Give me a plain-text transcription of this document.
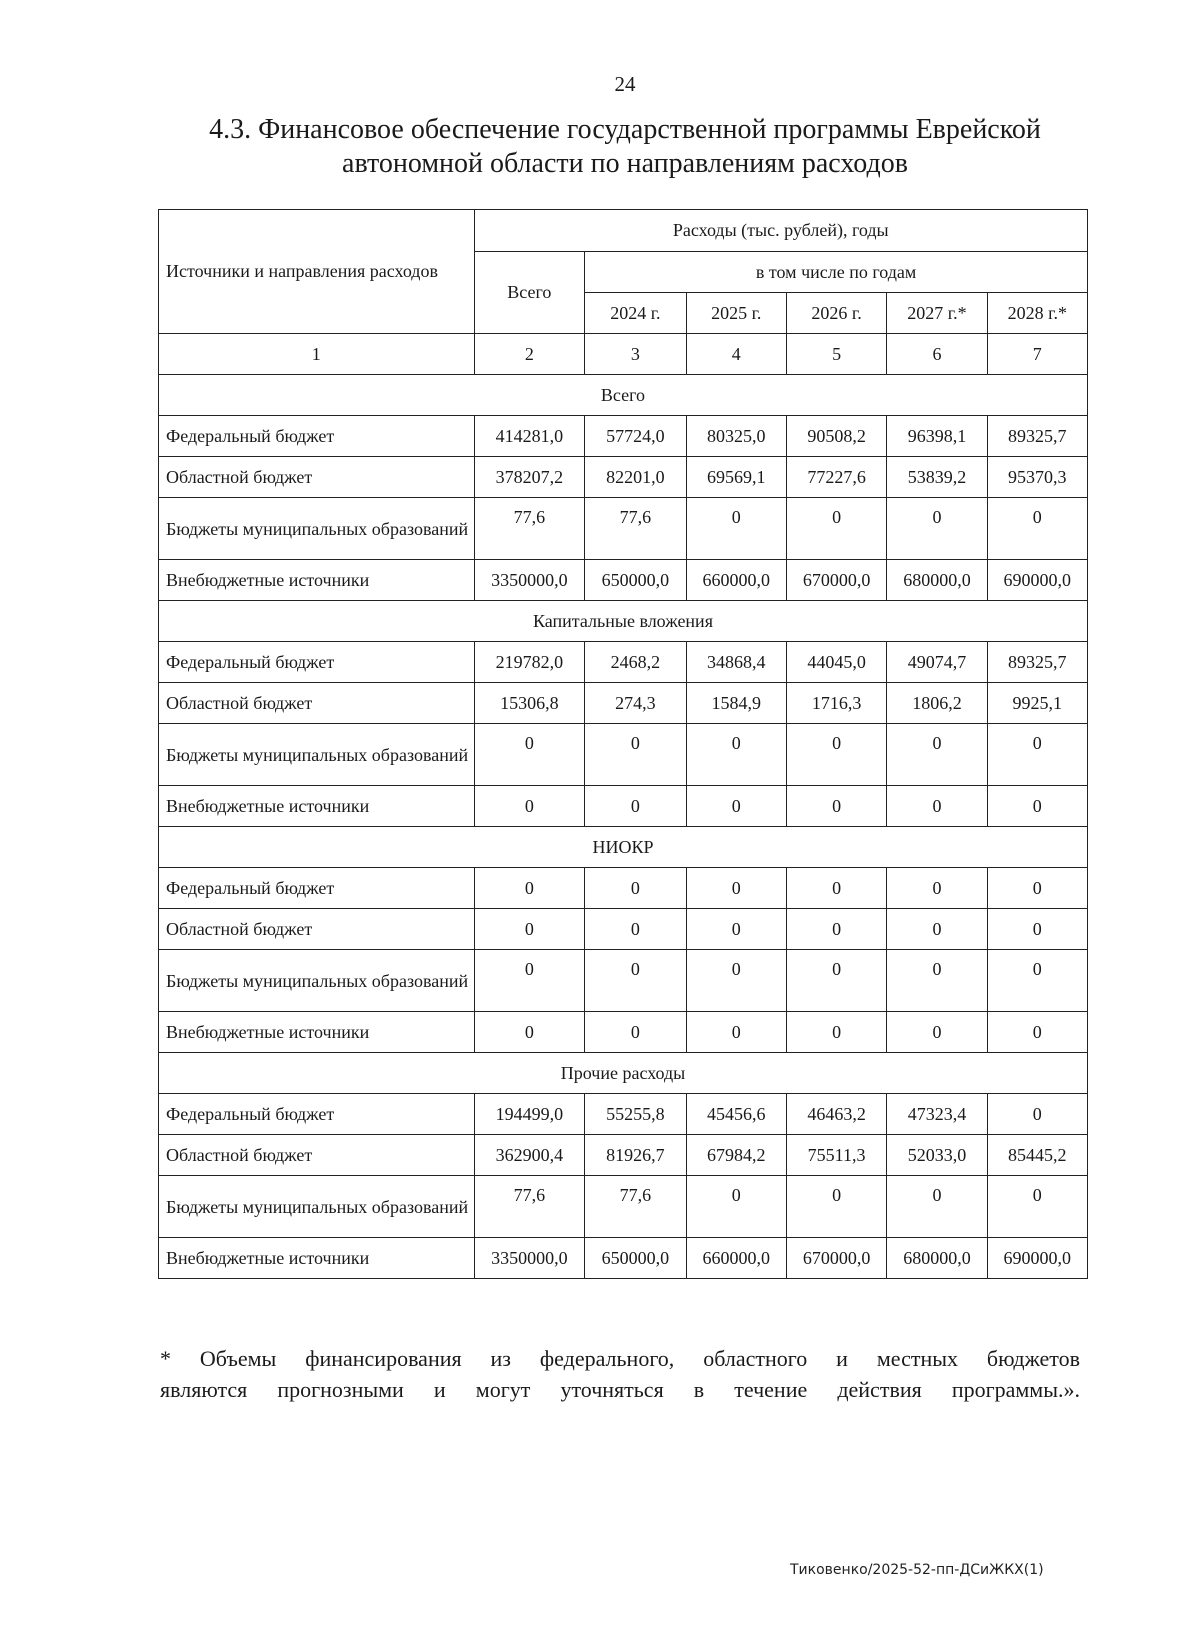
24
4.3. Финансовое обеспечение государственной программы Еврейской
автономной области по направлениям расходов
Источники и направления расходов	Расходы (тыс. рублей), годы					
	Всего	в том числе по годам				
		2024 г.	2025 г.	2026 г.	2027 г.*	2028 г.*
1	2	3	4	5	6	7
Всего						
Федеральный бюджет	414281,0	57724,0	80325,0	90508,2	96398,1	89325,7
Областной бюджет	378207,2	82201,0	69569,1	77227,6	53839,2	95370,3
Бюджеты муниципальных образований	77,6	77,6	0	0	0	0
Внебюджетные источники	3350000,0	650000,0	660000,0	670000,0	680000,0	690000,0
Капитальные вложения						
Федеральный бюджет	219782,0	2468,2	34868,4	44045,0	49074,7	89325,7
Областной бюджет	15306,8	274,3	1584,9	1716,3	1806,2	9925,1
Бюджеты муниципальных образований	0	0	0	0	0	0
Внебюджетные источники	0	0	0	0	0	0
НИОКР						
Федеральный бюджет	0	0	0	0	0	0
Областной бюджет	0	0	0	0	0	0
Бюджеты муниципальных образований	0	0	0	0	0	0
Внебюджетные источники	0	0	0	0	0	0
Прочие расходы						
Федеральный бюджет	194499,0	55255,8	45456,6	46463,2	47323,4	0
Областной бюджет	362900,4	81926,7	67984,2	75511,3	52033,0	85445,2
Бюджеты муниципальных образований	77,6	77,6	0	0	0	0
Внебюджетные источники	3350000,0	650000,0	660000,0	670000,0	680000,0	690000,0
* Объемы финансирования из федерального, областного и местных бюджетов
являются прогнозными и могут уточняться в течение действия программы.».
Тиковенко/2025-52-пп-ДСиЖКХ(1)
